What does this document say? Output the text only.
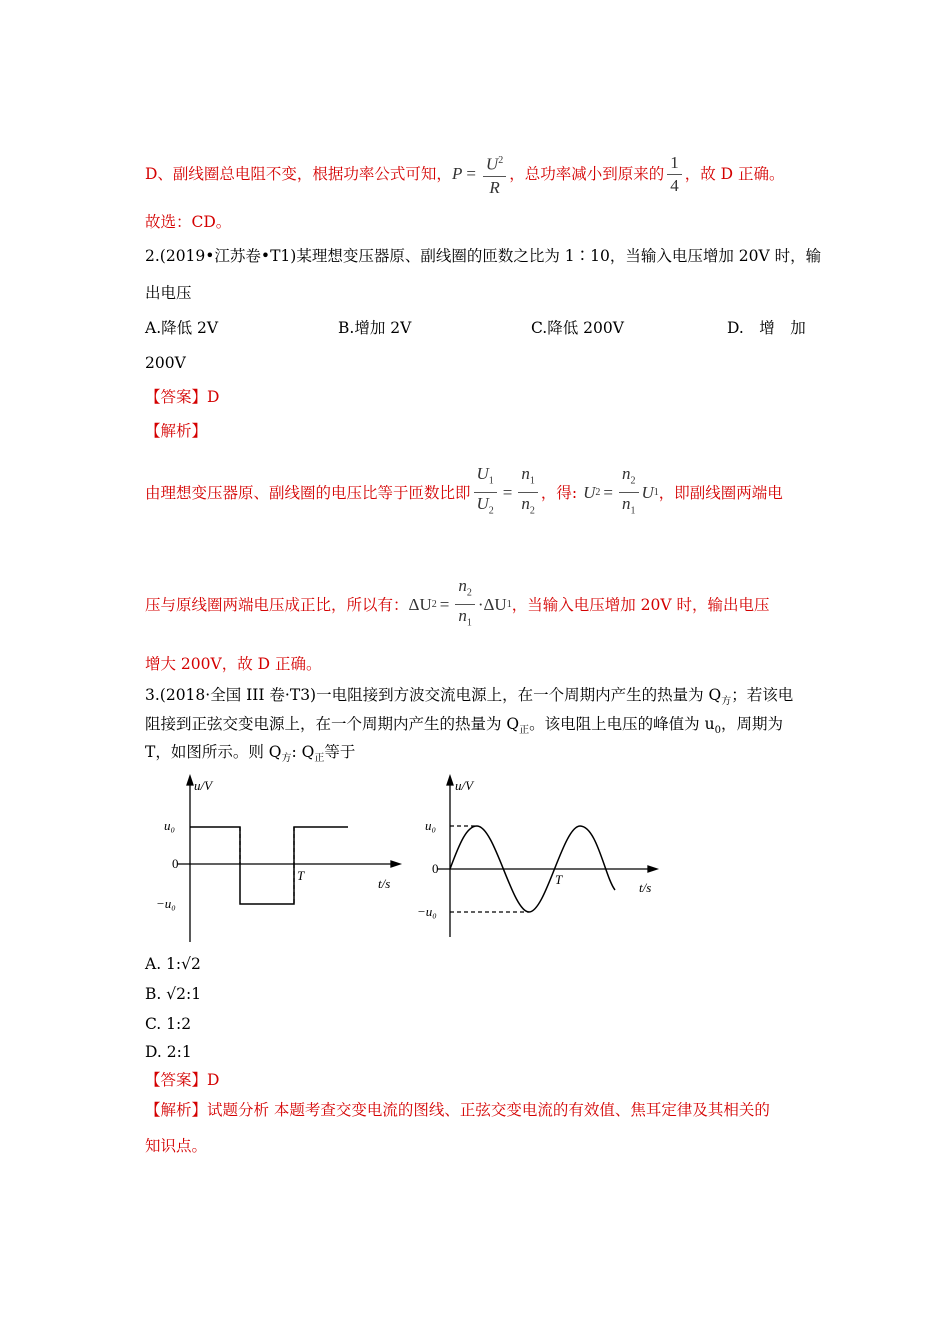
D、副线圈总电阻不变，根据功率公式可知， $P = \frac{U^2}{R}$ ，总功率减小到原来的 $\frac{1}{4}$ ，故 D 正确。
故选：CD。
2.(2019•江苏卷•T1)某理想变压器原、副线圈的匝数之比为 1∶10，当输入电压增加 20V 时，输
出电压
A.降低 2V	B.增加 2V	C.降低 200V	D.　增　加
200V
【答案】D
【解析】
由理想变压器原、副线圈的电压比等于匝数比即 $\frac{U_1}{U_2} = \frac{n_1}{n_2}$ ，得: U $2 = \frac{n_2}{n_1}$ U 1 ，即副线圈两端电
压与原线圈两端电压成正比，所以有： ΔU $2 = \frac{n_2}{n_1} \cdot \Delta U$ 1 ，当输入电压增加 20V 时，输出电压
增大 200V，故 D 正确。
3.(2018·全国 III 卷·T3)一电阻接到方波交流电源上，在一个周期内产生的热量为 $Q_方$；若该电
阻接到正弦交变电源上，在一个周期内产生的热量为 $Q_正$。该电阻上电压的峰值为 $u_0$，周期为
T，如图所示。则 $Q_方$: $Q_正$等于
u/V
u₀
0
−u₀
T
t/s
u/V
u₀
0
−u₀
T
t/s
A. 1:√2
B. √2:1
C. 1:2
D. 2:1
【答案】D
【解析】试题分析 本题考查交变电流的图线、正弦交变电流的有效值、焦耳定律及其相关的
知识点。
